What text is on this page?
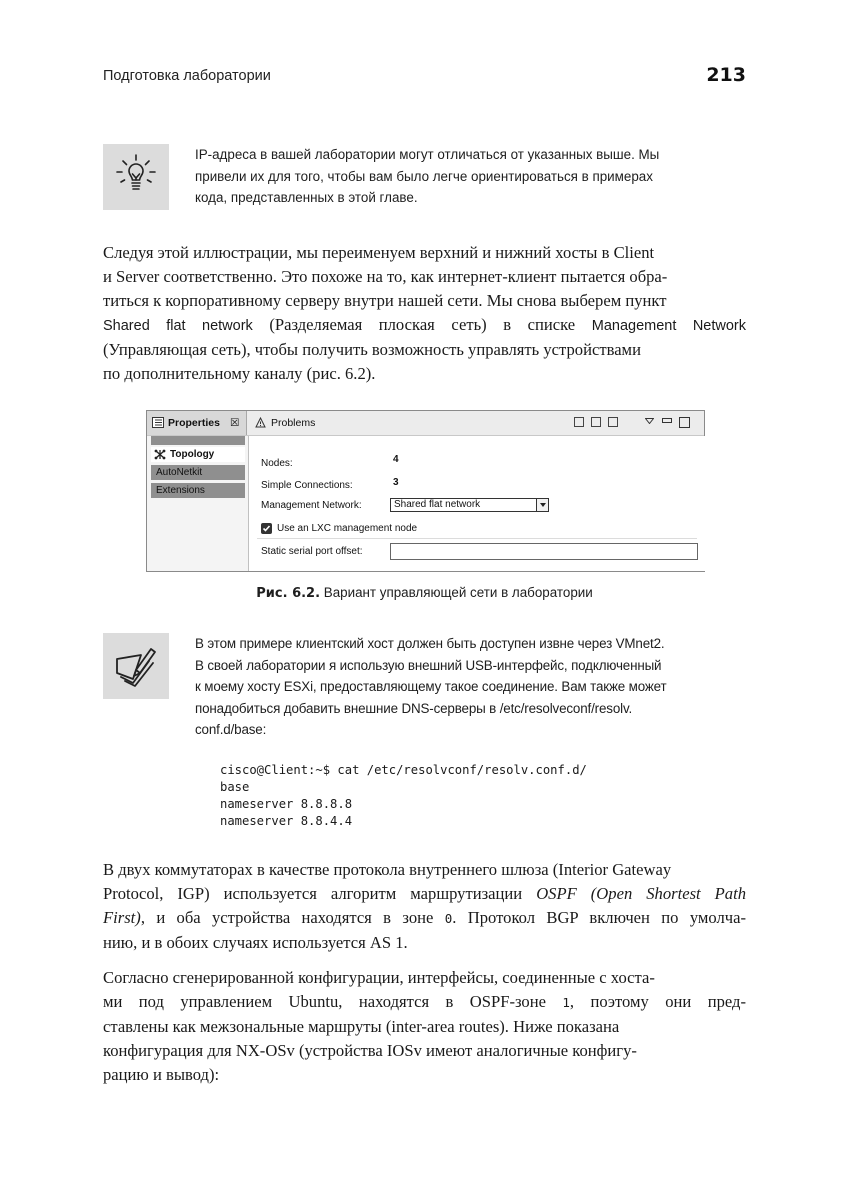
Подготовка лаборатории	213
IP-адреса в вашей лаборатории могут отличаться от указанных выше. Мы
привели их для того, чтобы вам было легче ориентироваться в примерах
кода, представленных в этой главе.
Следуя этой иллюстрации, мы переименуем верхний и нижний хосты в Client
и Server соответственно. Это похоже на то, как интернет-клиент пытается обра-
титься к корпоративному серверу внутри нашей сети. Мы снова выберем пункт
Shared flat network (Разделяемая плоская сеть) в списке Management Network
(Управляющая сеть), чтобы получить возможность управлять устройствами
по дополнительному каналу (рис. 6.2).
Properties ☒	Problems
Topology
AutoNetkit
Extensions
Nodes:	4
Simple Connections:	3
Management Network:	Shared flat network
Use an LXC management node
Static serial port offset:
Рис. 6.2. Вариант управляющей сети в лаборатории
В этом примере клиентский хост должен быть доступен извне через VMnet2.
В своей лаборатории я использую внешний USB-интерфейс, подключенный
к моему хосту ESXi, предоставляющему такое соединение. Вам также может
понадобиться добавить внешние DNS-серверы в /etc/resolveconf/resolv.
conf.d/base:
cisco@Client:~$ cat /etc/resolvconf/resolv.conf.d/
base
nameserver 8.8.8.8
nameserver 8.8.4.4
В двух коммутаторах в качестве протокола внутреннего шлюза (Interior Gateway
Protocol, IGP) используется алгоритм маршрутизации OSPF (Open Shortest Path
First), и оба устройства находятся в зоне 0. Протокол BGP включен по умолча-
нию, и в обоих случаях используется AS 1.
Согласно сгенерированной конфигурации, интерфейсы, соединенные с хоста-
ми под управлением Ubuntu, находятся в OSPF-зоне 1, поэтому они пред-
ставлены как межзональные маршруты (inter-area routes). Ниже показана
конфигурация для NX-OSv (устройства IOSv имеют аналогичные конфигу-
рацию и вывод):
